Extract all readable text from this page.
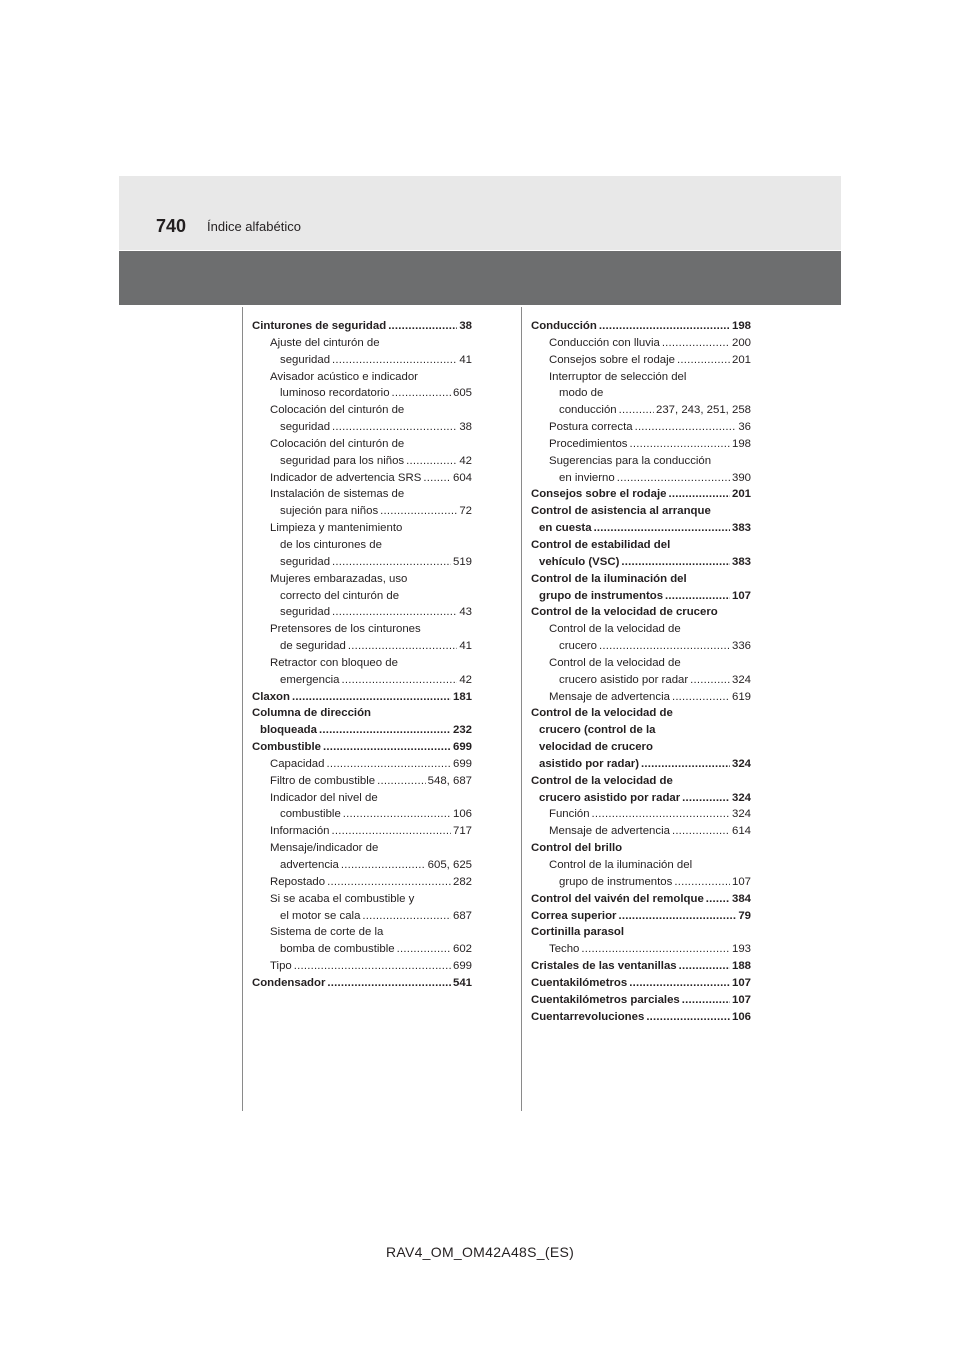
740 Índice alfabético
Cinturones de seguridad .....	38
Ajuste del cinturón de
seguridad .....	41
Avisador acústico e indicador
luminoso recordatorio .....	605
Colocación del cinturón de
seguridad .....	38
Colocación del cinturón de
seguridad para los niños .....	42
Indicador de advertencia SRS .....	604
Instalación de sistemas de
sujeción para niños .....	72
Limpieza y mantenimiento
de los cinturones de
seguridad .....	519
Mujeres embarazadas, uso
correcto del cinturón de
seguridad .....	43
Pretensores de los cinturones
de seguridad .....	41
Retractor con bloqueo de
emergencia .....	42
Claxon .....	181
Columna de dirección
bloqueada .....	232
Combustible .....	699
Capacidad .....	699
Filtro de combustible .....	548, 687
Indicador del nivel de
combustible .....	106
Información .....	717
Mensaje/indicador de
advertencia .....	605, 625
Repostado .....	282
Si se acaba el combustible y
el motor se cala .....	687
Sistema de corte de la
bomba de combustible .....	602
Tipo .....	699
Condensador .....	541
Conducción .....	198
Conducción con lluvia .....	200
Consejos sobre el rodaje .....	201
Interruptor de selección del
modo de
conducción .....	237, 243, 251, 258
Postura correcta .....	36
Procedimientos .....	198
Sugerencias para la conducción
en invierno .....	390
Consejos sobre el rodaje .....	201
Control de asistencia al arranque
en cuesta .....	383
Control de estabilidad del
vehículo (VSC) .....	383
Control de la iluminación del
grupo de instrumentos .....	107
Control de la velocidad de crucero
Control de la velocidad de
crucero .....	336
Control de la velocidad de
crucero asistido por radar .....	324
Mensaje de advertencia .....	619
Control de la velocidad de
crucero (control de la
velocidad de crucero
asistido por radar) .....	324
Control de la velocidad de
crucero asistido por radar .....	324
Función .....	324
Mensaje de advertencia .....	614
Control del brillo
Control de la iluminación del
grupo de instrumentos .....	107
Control del vaivén del remolque ..... 384
Correa superior .....	79
Cortinilla parasol
Techo .....	193
Cristales de las ventanillas .....	188
Cuentakilómetros .....	107
Cuentakilómetros parciales .....	107
Cuentarrevoluciones .....	106
RAV4_OM_OM42A48S_(ES)
